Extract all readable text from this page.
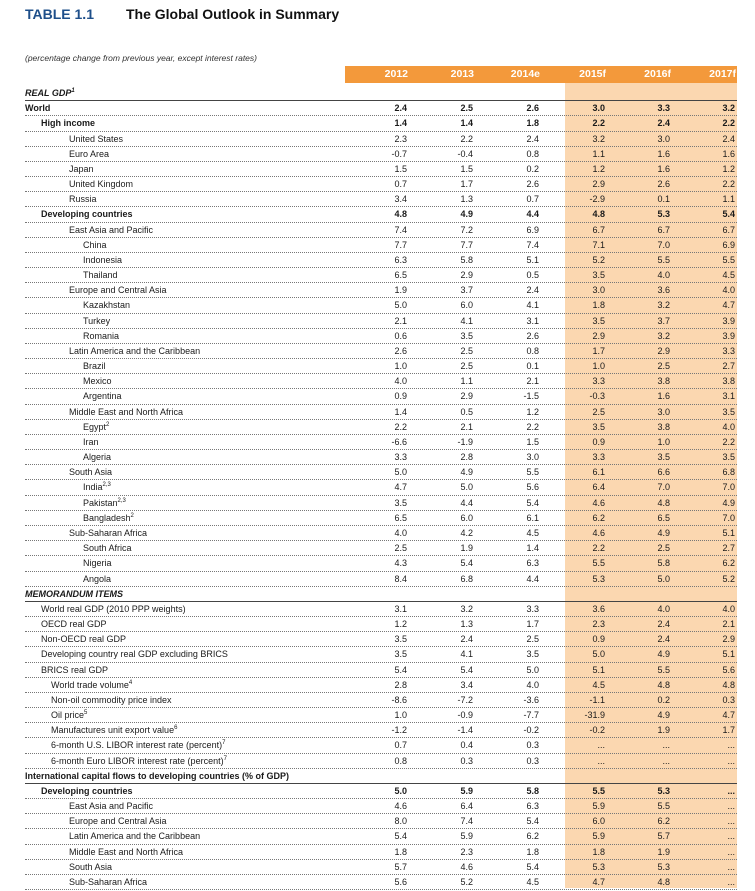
TABLE 1.1 The Global Outlook in Summary
(percentage change from previous year, except interest rates)
2012	2013	2014e	2015f	2016f	2017f
REAL GDP$^1$
World	2.4	2.5	2.6	3.0	3.3	3.2
High income	1.4	1.4	1.8	2.2	2.4	2.2
United States	2.3	2.2	2.4	3.2	3.0	2.4
Euro Area	-0.7	-0.4	0.8	1.1	1.6	1.6
Japan	1.5	1.5	0.2	1.2	1.6	1.2
United Kingdom	0.7	1.7	2.6	2.9	2.6	2.2
Russia	3.4	1.3	0.7	-2.9	0.1	1.1
Developing countries	4.8	4.9	4.4	4.8	5.3	5.4
East Asia and Pacific	7.4	7.2	6.9	6.7	6.7	6.7
China	7.7	7.7	7.4	7.1	7.0	6.9
Indonesia	6.3	5.8	5.1	5.2	5.5	5.5
Thailand	6.5	2.9	0.5	3.5	4.0	4.5
Europe and Central Asia	1.9	3.7	2.4	3.0	3.6	4.0
Kazakhstan	5.0	6.0	4.1	1.8	3.2	4.7
Turkey	2.1	4.1	3.1	3.5	3.7	3.9
Romania	0.6	3.5	2.6	2.9	3.2	3.9
Latin America and the Caribbean	2.6	2.5	0.8	1.7	2.9	3.3
Brazil	1.0	2.5	0.1	1.0	2.5	2.7
Mexico	4.0	1.1	2.1	3.3	3.8	3.8
Argentina	0.9	2.9	-1.5	-0.3	1.6	3.1
Middle East and North Africa	1.4	0.5	1.2	2.5	3.0	3.5
Egypt$^2$	2.2	2.1	2.2	3.5	3.8	4.0
Iran	-6.6	-1.9	1.5	0.9	1.0	2.2
Algeria	3.3	2.8	3.0	3.3	3.5	3.5
South Asia	5.0	4.9	5.5	6.1	6.6	6.8
India$^{2,3}$	4.7	5.0	5.6	6.4	7.0	7.0
Pakistan$^{2,3}$	3.5	4.4	5.4	4.6	4.8	4.9
Bangladesh$^2$	6.5	6.0	6.1	6.2	6.5	7.0
Sub-Saharan Africa	4.0	4.2	4.5	4.6	4.9	5.1
South Africa	2.5	1.9	1.4	2.2	2.5	2.7
Nigeria	4.3	5.4	6.3	5.5	5.8	6.2
Angola	8.4	6.8	4.4	5.3	5.0	5.2
MEMORANDUM ITEMS
World real GDP (2010 PPP weights)	3.1	3.2	3.3	3.6	4.0	4.0
OECD real GDP	1.2	1.3	1.7	2.3	2.4	2.1
Non-OECD real GDP	3.5	2.4	2.5	0.9	2.4	2.9
Developing country real GDP excluding BRICS	3.5	4.1	3.5	5.0	4.9	5.1
BRICS real GDP	5.4	5.4	5.0	5.1	5.5	5.6
World trade volume$^4$	2.8	3.4	4.0	4.5	4.8	4.8
Non-oil commodity price index	-8.6	-7.2	-3.6	-1.1	0.2	0.3
Oil price$^5$	1.0	-0.9	-7.7	-31.9	4.9	4.7
Manufactures unit export value$^6$	-1.2	-1.4	-0.2	-0.2	1.9	1.7
6-month U.S. LIBOR interest rate (percent)$^7$	0.7	0.4	0.3	...	...	...
6-month Euro LIBOR interest rate (percent)$^7$	0.8	0.3	0.3	...	...	...
International capital flows to developing countries (% of GDP)
Developing countries	5.0	5.9	5.8	5.5	5.3	...
East Asia and Pacific	4.6	6.4	6.3	5.9	5.5	...
Europe and Central Asia	8.0	7.4	5.4	6.0	6.2	...
Latin America and the Caribbean	5.4	5.9	6.2	5.9	5.7	...
Middle East and North Africa	1.8	2.3	1.8	1.8	1.9	...
South Asia	5.7	4.6	5.4	5.3	5.3	...
Sub-Saharan Africa	5.6	5.2	4.5	4.7	4.8	...
